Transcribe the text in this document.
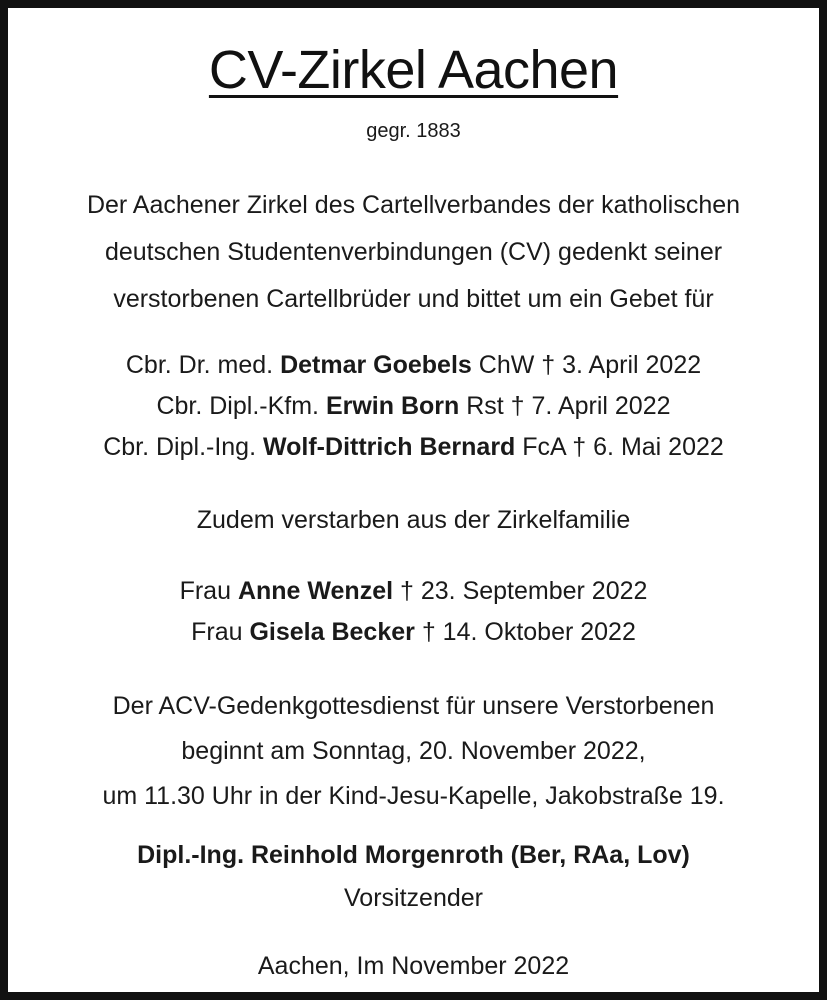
CV-Zirkel Aachen
gegr. 1883
Der Aachener Zirkel des Cartellverbandes der katholischen
deutschen Studentenverbindungen (CV) gedenkt seiner
verstorbenen Cartellbrüder und bittet um ein Gebet für
Cbr. Dr. med. Detmar Goebels ChW † 3. April 2022
Cbr. Dipl.-Kfm. Erwin Born Rst † 7. April 2022
Cbr. Dipl.-Ing. Wolf-Dittrich Bernard FcA † 6. Mai 2022
Zudem verstarben aus der Zirkelfamilie
Frau Anne Wenzel † 23. September 2022
Frau Gisela Becker † 14. Oktober 2022
Der ACV-Gedenkgottesdienst für unsere Verstorbenen
beginnt am Sonntag, 20. November 2022,
um 11.30 Uhr in der Kind-Jesu-Kapelle, Jakobstraße 19.
Dipl.-Ing. Reinhold Morgenroth (Ber, RAa, Lov)
Vorsitzender
Aachen, Im November 2022
